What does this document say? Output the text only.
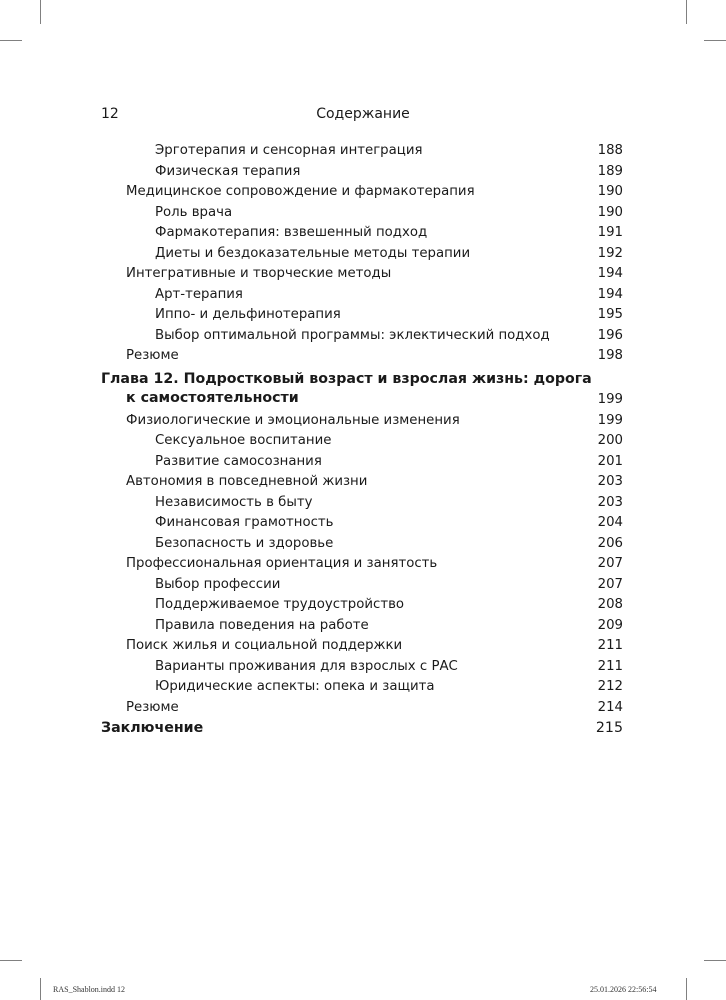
12	Содержание
Эрготерапия и сенсорная интеграция	188
Физическая терапия	189
Медицинское сопровождение и фармакотерапия	190
Роль врача	190
Фармакотерапия: взвешенный подход	191
Диеты и бездоказательные методы терапии	192
Интегративные и творческие методы	194
Арт-терапия	194
Иппо- и дельфинотерапия	195
Выбор оптимальной программы: эклектический подход	196
Резюме	198
Глава 12. Подростковый возраст и взрослая жизнь: дорога
к самостоятельности	199
Физиологические и эмоциональные изменения	199
Сексуальное воспитание	200
Развитие самосознания	201
Автономия в повседневной жизни	203
Независимость в быту	203
Финансовая грамотность	204
Безопасность и здоровье	206
Профессиональная ориентация и занятость	207
Выбор профессии	207
Поддерживаемое трудоустройство	208
Правила поведения на работе	209
Поиск жилья и социальной поддержки	211
Варианты проживания для взрослых с РАС	211
Юридические аспекты: опека и защита	212
Резюме	214
Заключение	215
RAS_Shablon.indd 12	25.01.2026 22:56:54
